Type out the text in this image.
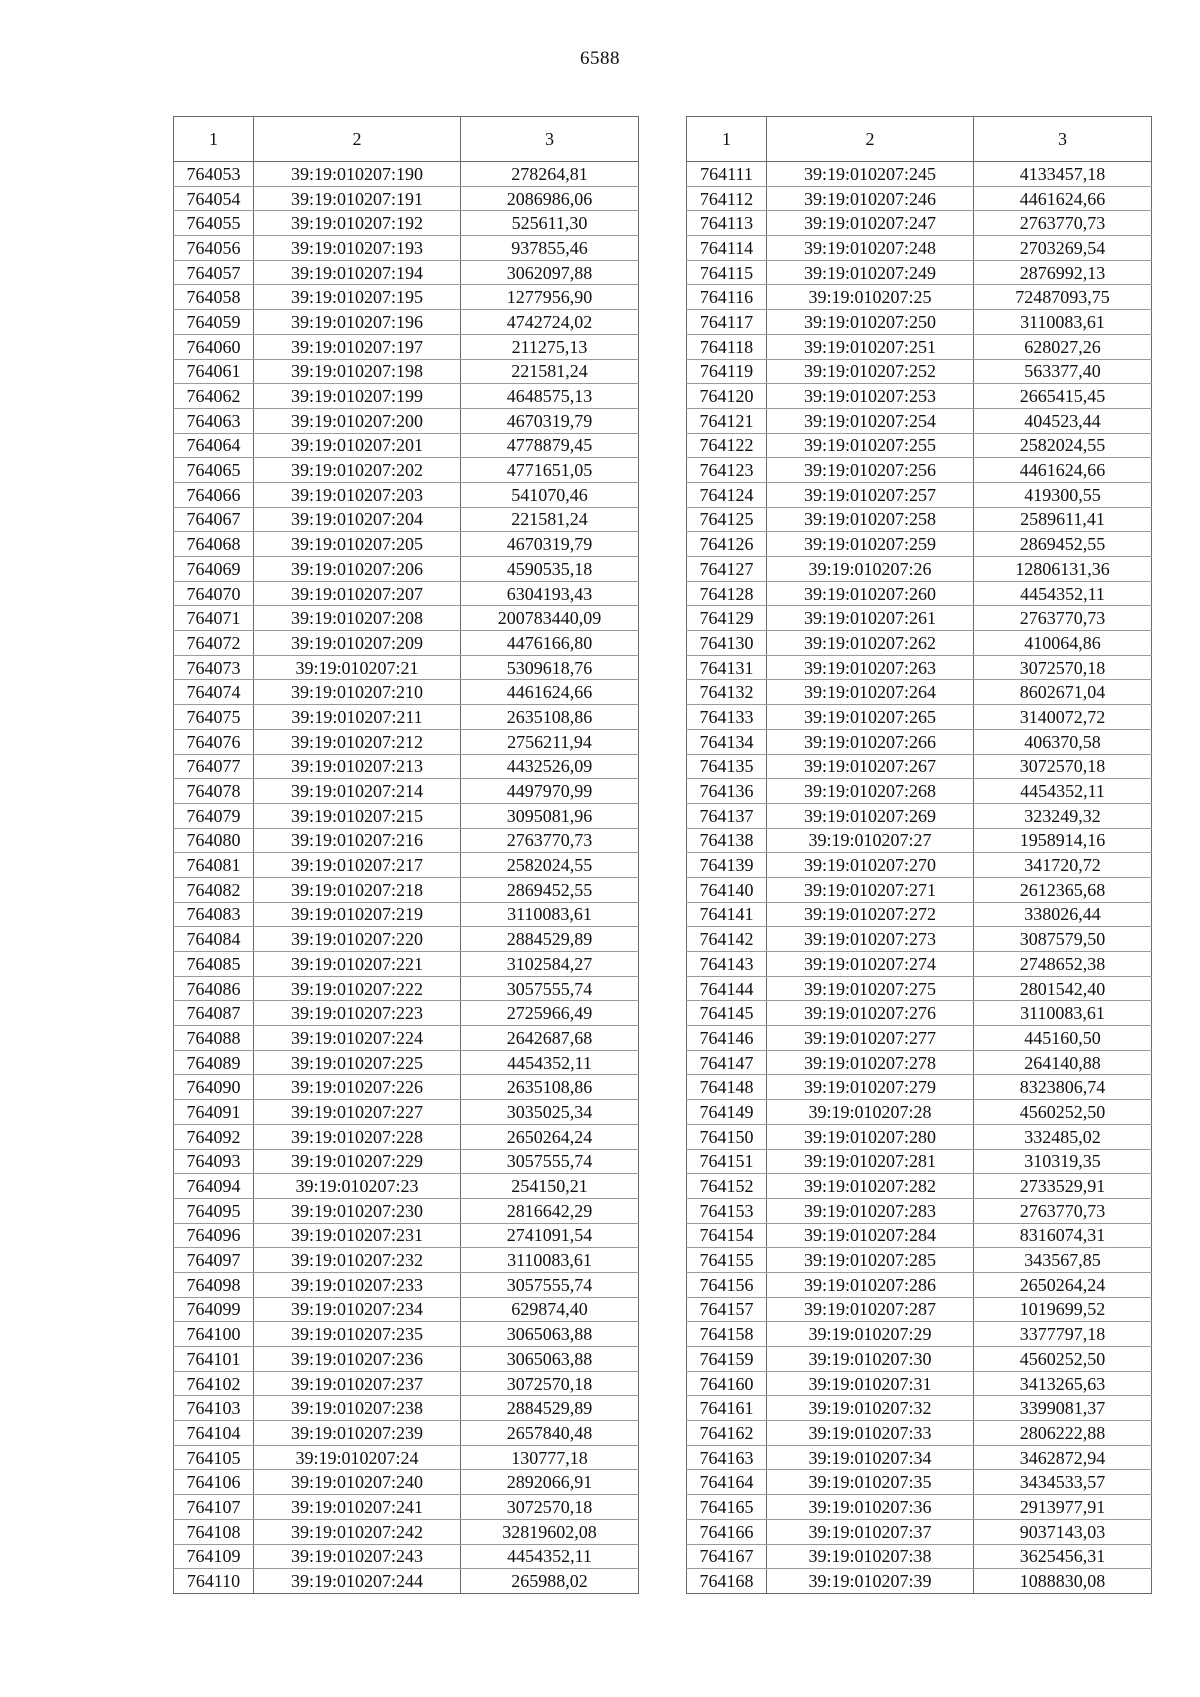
6588
1	2	3
764053	39:19:010207:190	278264,81
764054	39:19:010207:191	2086986,06
764055	39:19:010207:192	525611,30
764056	39:19:010207:193	937855,46
764057	39:19:010207:194	3062097,88
764058	39:19:010207:195	1277956,90
764059	39:19:010207:196	4742724,02
764060	39:19:010207:197	211275,13
764061	39:19:010207:198	221581,24
764062	39:19:010207:199	4648575,13
764063	39:19:010207:200	4670319,79
764064	39:19:010207:201	4778879,45
764065	39:19:010207:202	4771651,05
764066	39:19:010207:203	541070,46
764067	39:19:010207:204	221581,24
764068	39:19:010207:205	4670319,79
764069	39:19:010207:206	4590535,18
764070	39:19:010207:207	6304193,43
764071	39:19:010207:208	200783440,09
764072	39:19:010207:209	4476166,80
764073	39:19:010207:21	5309618,76
764074	39:19:010207:210	4461624,66
764075	39:19:010207:211	2635108,86
764076	39:19:010207:212	2756211,94
764077	39:19:010207:213	4432526,09
764078	39:19:010207:214	4497970,99
764079	39:19:010207:215	3095081,96
764080	39:19:010207:216	2763770,73
764081	39:19:010207:217	2582024,55
764082	39:19:010207:218	2869452,55
764083	39:19:010207:219	3110083,61
764084	39:19:010207:220	2884529,89
764085	39:19:010207:221	3102584,27
764086	39:19:010207:222	3057555,74
764087	39:19:010207:223	2725966,49
764088	39:19:010207:224	2642687,68
764089	39:19:010207:225	4454352,11
764090	39:19:010207:226	2635108,86
764091	39:19:010207:227	3035025,34
764092	39:19:010207:228	2650264,24
764093	39:19:010207:229	3057555,74
764094	39:19:010207:23	254150,21
764095	39:19:010207:230	2816642,29
764096	39:19:010207:231	2741091,54
764097	39:19:010207:232	3110083,61
764098	39:19:010207:233	3057555,74
764099	39:19:010207:234	629874,40
764100	39:19:010207:235	3065063,88
764101	39:19:010207:236	3065063,88
764102	39:19:010207:237	3072570,18
764103	39:19:010207:238	2884529,89
764104	39:19:010207:239	2657840,48
764105	39:19:010207:24	130777,18
764106	39:19:010207:240	2892066,91
764107	39:19:010207:241	3072570,18
764108	39:19:010207:242	32819602,08
764109	39:19:010207:243	4454352,11
764110	39:19:010207:244	265988,02
1	2	3
764111	39:19:010207:245	4133457,18
764112	39:19:010207:246	4461624,66
764113	39:19:010207:247	2763770,73
764114	39:19:010207:248	2703269,54
764115	39:19:010207:249	2876992,13
764116	39:19:010207:25	72487093,75
764117	39:19:010207:250	3110083,61
764118	39:19:010207:251	628027,26
764119	39:19:010207:252	563377,40
764120	39:19:010207:253	2665415,45
764121	39:19:010207:254	404523,44
764122	39:19:010207:255	2582024,55
764123	39:19:010207:256	4461624,66
764124	39:19:010207:257	419300,55
764125	39:19:010207:258	2589611,41
764126	39:19:010207:259	2869452,55
764127	39:19:010207:26	12806131,36
764128	39:19:010207:260	4454352,11
764129	39:19:010207:261	2763770,73
764130	39:19:010207:262	410064,86
764131	39:19:010207:263	3072570,18
764132	39:19:010207:264	8602671,04
764133	39:19:010207:265	3140072,72
764134	39:19:010207:266	406370,58
764135	39:19:010207:267	3072570,18
764136	39:19:010207:268	4454352,11
764137	39:19:010207:269	323249,32
764138	39:19:010207:27	1958914,16
764139	39:19:010207:270	341720,72
764140	39:19:010207:271	2612365,68
764141	39:19:010207:272	338026,44
764142	39:19:010207:273	3087579,50
764143	39:19:010207:274	2748652,38
764144	39:19:010207:275	2801542,40
764145	39:19:010207:276	3110083,61
764146	39:19:010207:277	445160,50
764147	39:19:010207:278	264140,88
764148	39:19:010207:279	8323806,74
764149	39:19:010207:28	4560252,50
764150	39:19:010207:280	332485,02
764151	39:19:010207:281	310319,35
764152	39:19:010207:282	2733529,91
764153	39:19:010207:283	2763770,73
764154	39:19:010207:284	8316074,31
764155	39:19:010207:285	343567,85
764156	39:19:010207:286	2650264,24
764157	39:19:010207:287	1019699,52
764158	39:19:010207:29	3377797,18
764159	39:19:010207:30	4560252,50
764160	39:19:010207:31	3413265,63
764161	39:19:010207:32	3399081,37
764162	39:19:010207:33	2806222,88
764163	39:19:010207:34	3462872,94
764164	39:19:010207:35	3434533,57
764165	39:19:010207:36	2913977,91
764166	39:19:010207:37	9037143,03
764167	39:19:010207:38	3625456,31
764168	39:19:010207:39	1088830,08
